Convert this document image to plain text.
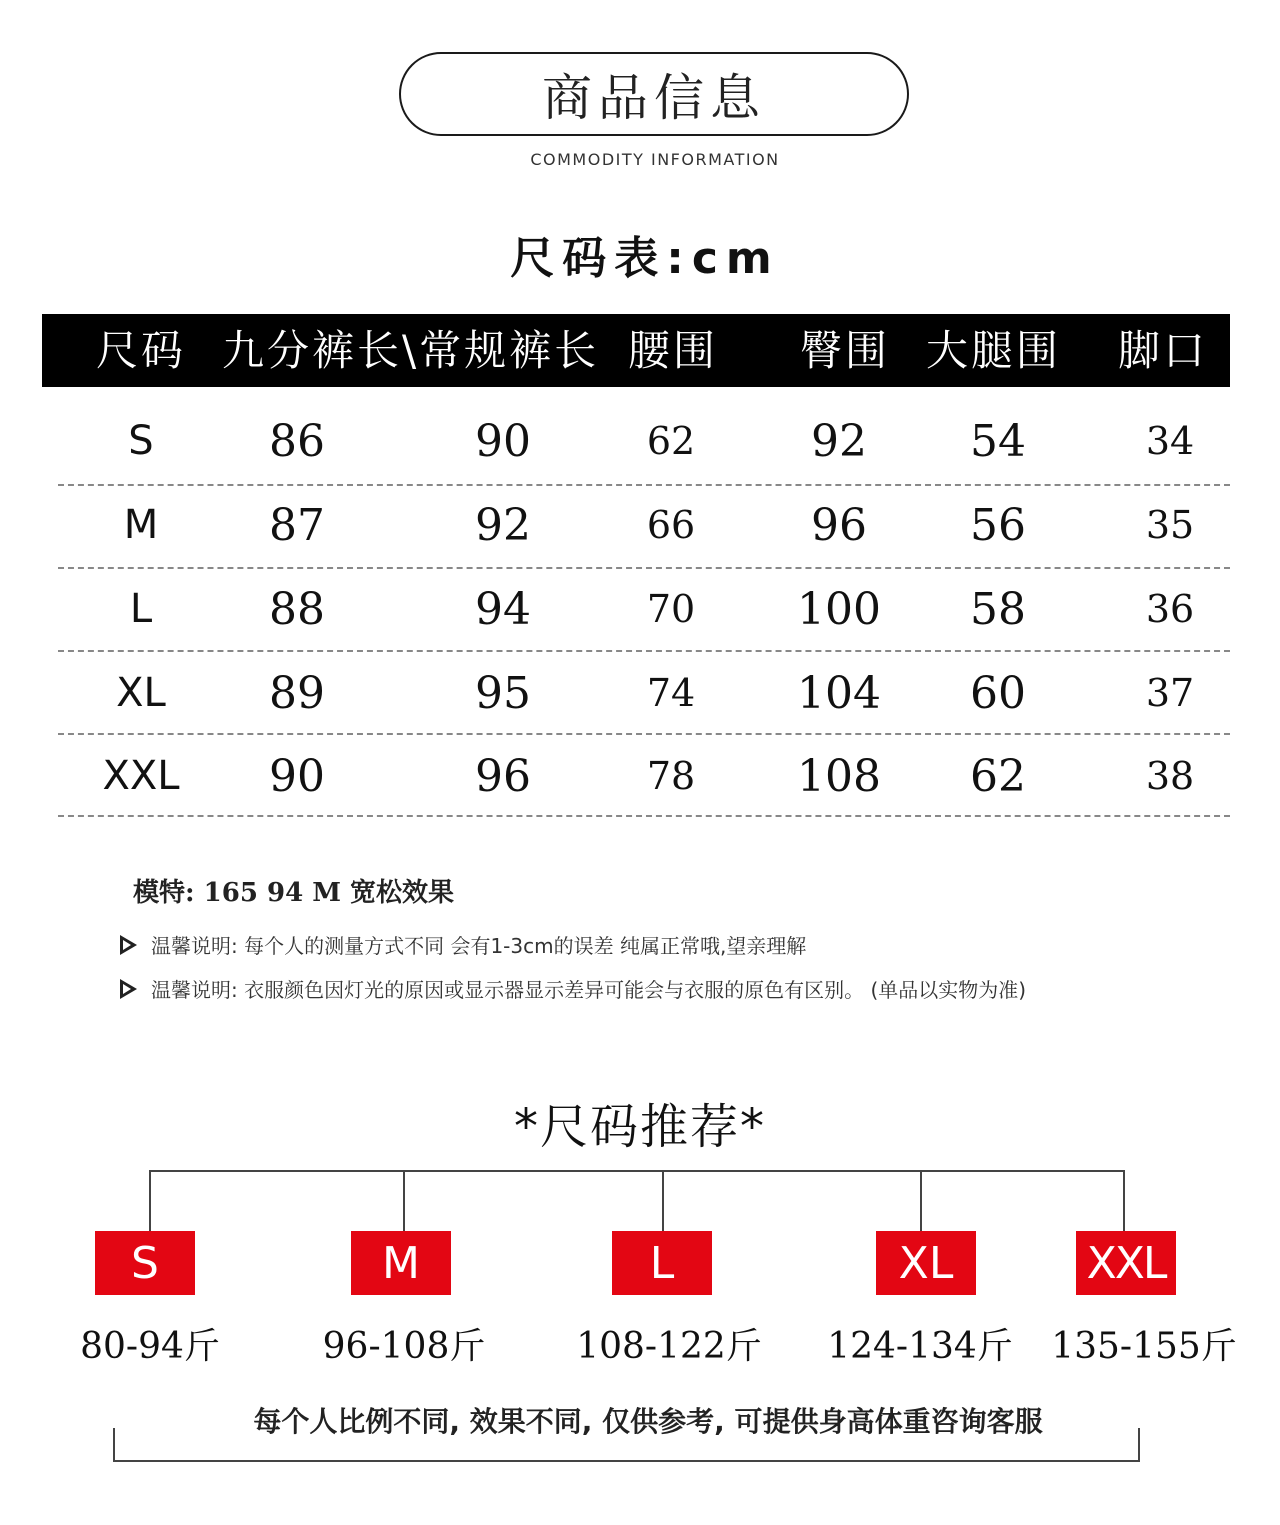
商品信息
COMMODITY INFORMATION
尺码表:cm
尺码 九分裤长\常规裤长 腰围 臀围 大腿围 脚口
S	86	90	62	92	54	34
M	87	92	66	96	56	35
L	88	94	70	100	58	36
XL	89	95	74	104	60	37
XXL	90	96	78	108	62	38
模特: 165 94 M 宽松效果
温馨说明: 每个人的测量方式不同 会有1-3cm的误差 纯属正常哦,望亲理解
温馨说明: 衣服颜色因灯光的原因或显示器显示差异可能会与衣服的原色有区别。 (单品以实物为准)
*尺码推荐*
S	M	L	XL	XXL
80-94斤	96-108斤	108-122斤	124-134斤	135-155斤
每个人比例不同, 效果不同, 仅供参考, 可提供身高体重咨询客服
